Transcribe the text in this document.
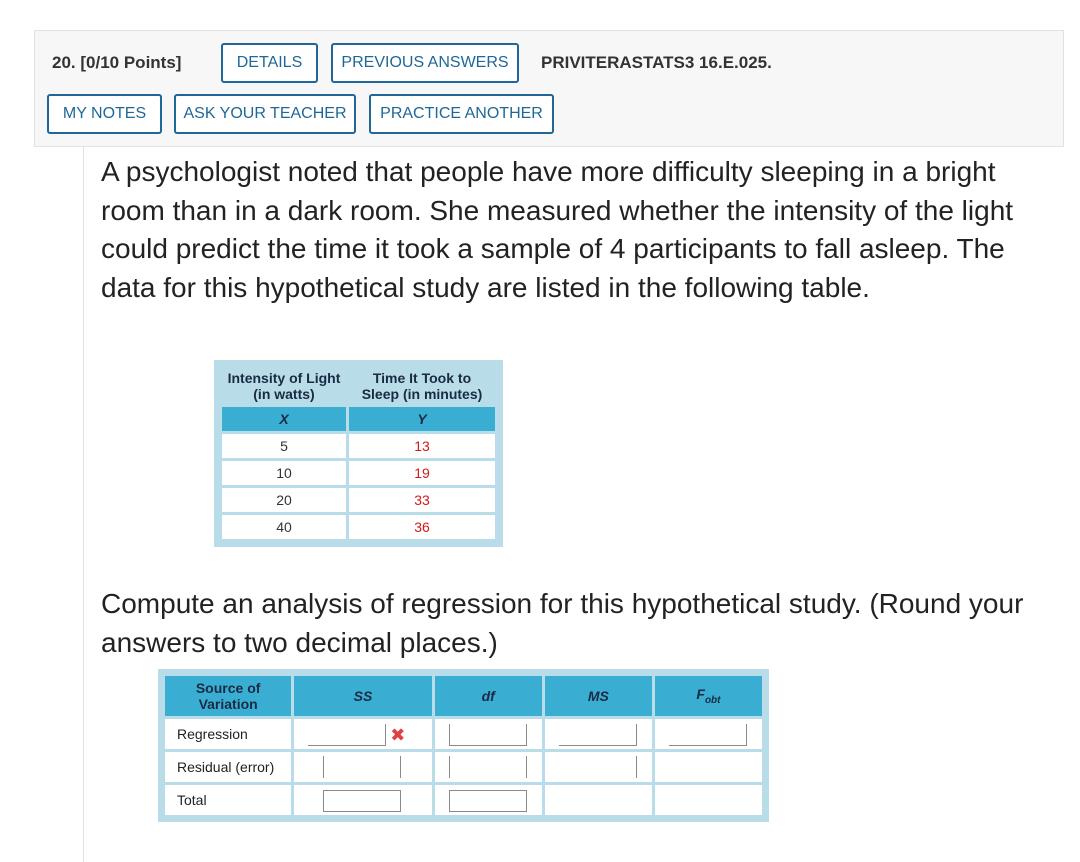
20. [0/10 Points]	DETAILS	PREVIOUS ANSWERS	PRIVITERASTATS3 16.E.025.
MY NOTES	ASK YOUR TEACHER	PRACTICE ANOTHER

A psychologist noted that people have more difficulty sleeping in a bright room than in a dark room. She measured whether the intensity of the light could predict the time it took a sample of 4 participants to fall asleep. The data for this hypothetical study are listed in the following table.

Intensity of Light (in watts)	Time It Took to Sleep (in minutes)
X	Y
5	13
10	19
20	33
40	36

Compute an analysis of regression for this hypothetical study. (Round your answers to two decimal places.)

Source of Variation	SS	df	MS	$F_{obt}$
Regression	✖			

Residual (error)	

Total	
